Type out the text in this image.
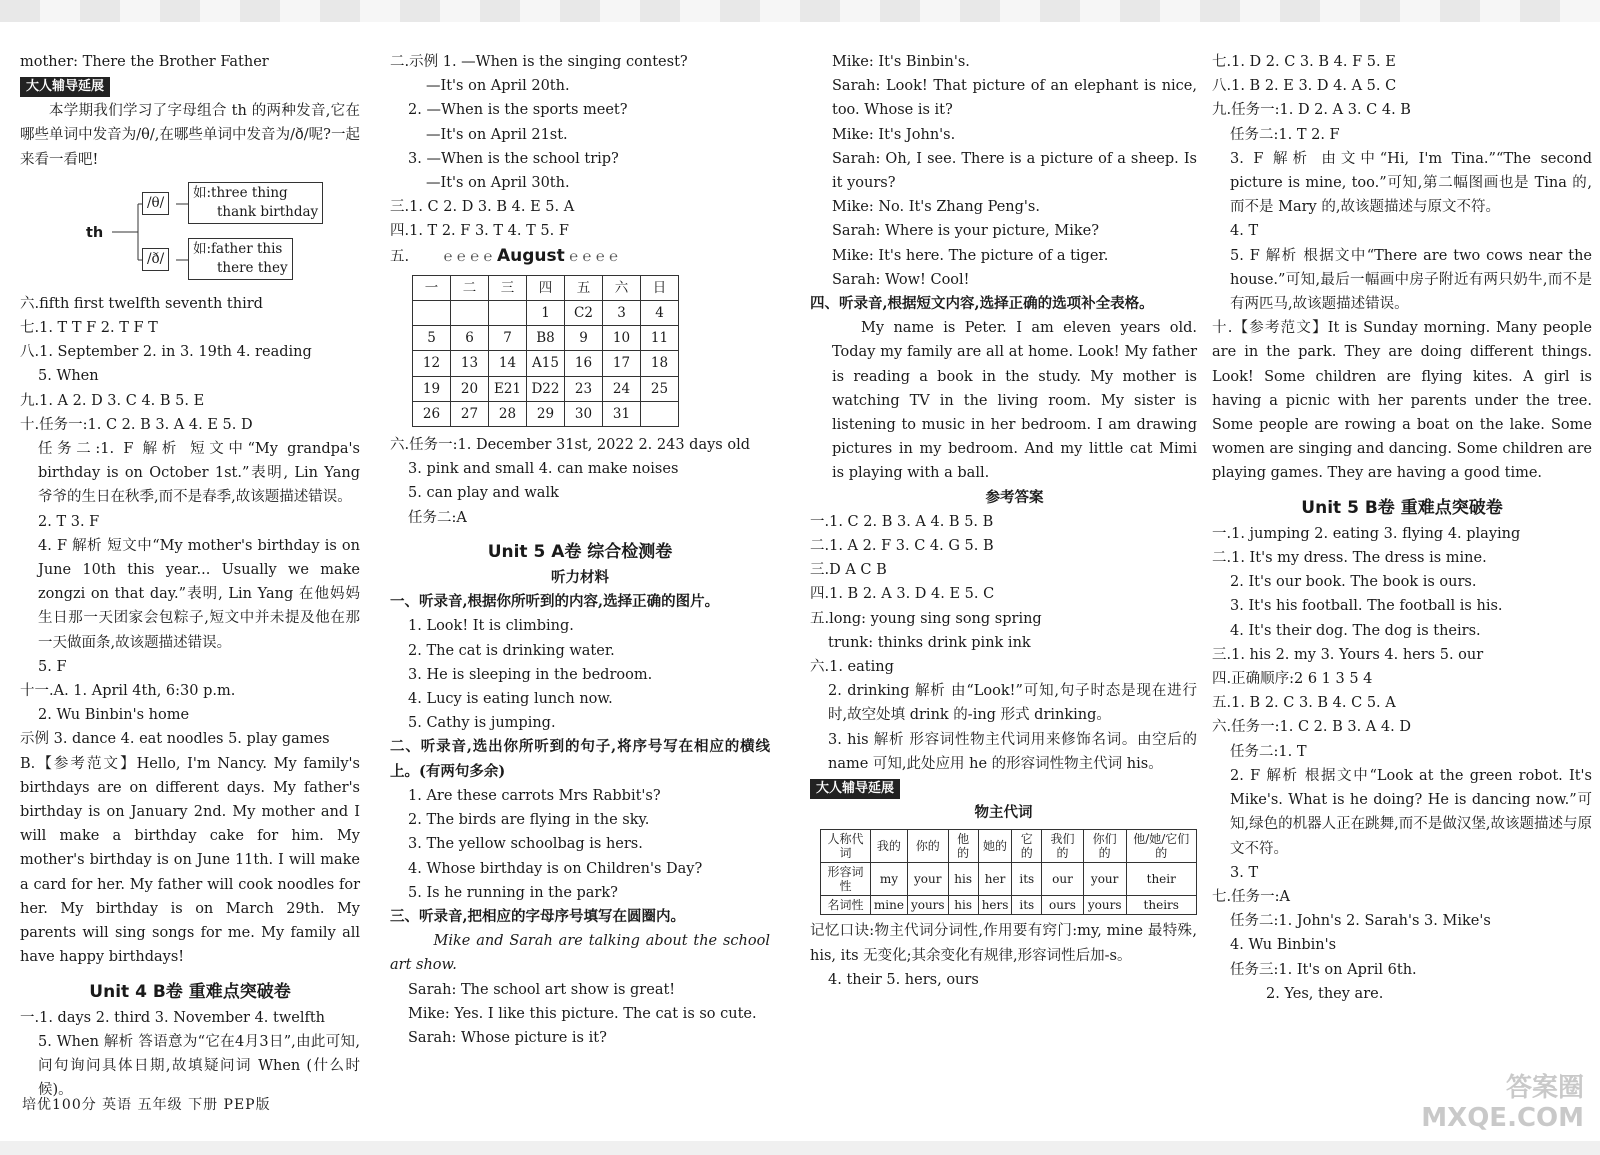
mother: There the Brother Father

大人辅导延展

本学期我们学习了字母组合 th 的两种发音,它在哪些单词中发音为/θ/,在哪些单词中发音为/ð/呢?一起来看一看吧!

th
/θ/
如:three thing
thank birthday
/ð/
如:father this
there they

六.fifth first twelfth seventh third

七.1. T T F 2. T F T

八.1. September 2. in 3. 19th 4. reading

5. When

九.1. A 2. D 3. C 4. B 5. E

十.任务一:1. C 2. B 3. A 4. E 5. D

任务二:1. F 解析 短文中“My grandpa's birthday is on October 1st.”表明, Lin Yang 爷爷的生日在秋季,而不是春季,故该题描述错误。

2. T 3. F

4. F 解析 短文中“My mother's birthday is on June 10th this year... Usually we make zongzi on that day.”表明, Lin Yang 在他妈妈生日那一天团家会包粽子,短文中并未提及他在那一天做面条,故该题描述错误。

5. F

十一.A. 1. April 4th, 6:30 p.m.

2. Wu Binbin's home

示例 3. dance 4. eat noodles 5. play games

B.【参考范文】Hello, I'm Nancy. My family's birthdays are on different days. My father's birthday is on January 2nd. My mother and I will make a birthday cake for him. My mother's birthday is on June 11th. I will make a card for her. My father will cook noodles for her. My birthday is on March 29th. My parents will sing songs for me. My family all have happy birthdays!

Unit 4 B卷 重难点突破卷

一.1. days 2. third 3. November 4. twelfth

5. When 解析 答语意为“它在4月3日”,由此可知,问句询问具体日期,故填疑问词 When (什么时候)。

二.示例 1. —When is the singing contest?

—It's on April 20th.

2. —When is the sports meet?

—It's on April 21st.

3. —When is the school trip?

—It's on April 30th.

三.1. C 2. D 3. B 4. E 5. A

四.1. T 2. F 3. T 4. T 5. F

五. ℮ ℮ ℮ ℮ August ℮ ℮ ℮ ℮

一	二	三	四	五	六	日
			1	C2	3	4
5	6	7	B8	9	10	11
12	13	14	A15	16	17	18
19	20	E21	D22	23	24	25
26	27	28	29	30	31	

六.任务一:1. December 31st, 2022 2. 243 days old

3. pink and small 4. can make noises

5. can play and walk

任务二:A

Unit 5 A卷 综合检测卷

听力材料

一、听录音,根据你所听到的内容,选择正确的图片。

1. Look! It is climbing.

2. The cat is drinking water.

3. He is sleeping in the bedroom.

4. Lucy is eating lunch now.

5. Cathy is jumping.

二、听录音,选出你所听到的句子,将序号写在相应的横线上。(有两句多余)

1. Are these carrots Mrs Rabbit's?

2. The birds are flying in the sky.

3. The yellow schoolbag is hers.

4. Whose birthday is on Children's Day?

5. Is he running in the park?

三、听录音,把相应的字母序号填写在圆圈内。

Mike and Sarah are talking about the school art show.

Sarah: The school art show is great!

Mike: Yes. I like this picture. The cat is so cute.

Sarah: Whose picture is it?

Mike: It's Binbin's.

Sarah: Look! That picture of an elephant is nice, too. Whose is it?

Mike: It's John's.

Sarah: Oh, I see. There is a picture of a sheep. Is it yours?

Mike: No. It's Zhang Peng's.

Sarah: Where is your picture, Mike?

Mike: It's here. The picture of a tiger.

Sarah: Wow! Cool!

四、听录音,根据短文内容,选择正确的选项补全表格。

My name is Peter. I am eleven years old. Today my family are all at home. Look! My father is reading a book in the study. My mother is watching TV in the living room. My sister is listening to music in her bedroom. I am drawing pictures in my bedroom. And my little cat Mimi is playing with a ball.

参考答案

一.1. C 2. B 3. A 4. B 5. B

二.1. A 2. F 3. C 4. G 5. B

三.D A C B

四.1. B 2. A 3. D 4. E 5. C

五.long: young sing song spring

trunk: thinks drink pink ink

六.1. eating

2. drinking 解析 由“Look!”可知,句子时态是现在进行时,故空处填 drink 的-ing 形式 drinking。

3. his 解析 形容词性物主代词用来修饰名词。由空后的 name 可知,此处应用 he 的形容词性物主代词 his。

大人辅导延展

物主代词

人称代词	我的	你的	他的	她的	它的	我们的	你们的	他/她/它们的
形容词性	my	your	his	her	its	our	your	their
名词性	mine	yours	his	hers	its	ours	yours	theirs

记忆口诀:物主代词分词性,作用要有窍门:my, mine 最特殊, his, its 无变化;其余变化有规律,形容词性后加-s。

4. their 5. hers, ours

七.1. D 2. C 3. B 4. F 5. E

八.1. B 2. E 3. D 4. A 5. C

九.任务一:1. D 2. A 3. C 4. B

任务二:1. T 2. F

3. F 解析 由文中“Hi, I'm Tina.”“The second picture is mine, too.”可知,第二幅图画也是 Tina 的,而不是 Mary 的,故该题描述与原文不符。

4. T

5. F 解析 根据文中“There are two cows near the house.”可知,最后一幅画中房子附近有两只奶牛,而不是有两匹马,故该题描述错误。

十.【参考范文】It is Sunday morning. Many people are in the park. They are doing different things. Look! Some children are flying kites. A girl is having a picnic with her parents under the tree. Some people are rowing a boat on the lake. Some women are singing and dancing. Some children are playing games. They are having a good time.

Unit 5 B卷 重难点突破卷

一.1. jumping 2. eating 3. flying 4. playing

二.1. It's my dress. The dress is mine.

2. It's our book. The book is ours.

3. It's his football. The football is his.

4. It's their dog. The dog is theirs.

三.1. his 2. my 3. Yours 4. hers 5. our

四.正确顺序:2 6 1 3 5 4

五.1. B 2. C 3. B 4. C 5. A

六.任务一:1. C 2. B 3. A 4. D

任务二:1. T

2. F 解析 根据文中“Look at the green robot. It's Mike's. What is he doing? He is dancing now.”可知,绿色的机器人正在跳舞,而不是做汉堡,故该题描述与原文不符。

3. T

七.任务一:A

任务二:1. John's 2. Sarah's 3. Mike's

4. Wu Binbin's

任务三:1. It's on April 6th.

2. Yes, they are.

培优100分 英语 五年级 下册 PEP版
答案圈
MXQE.COM
